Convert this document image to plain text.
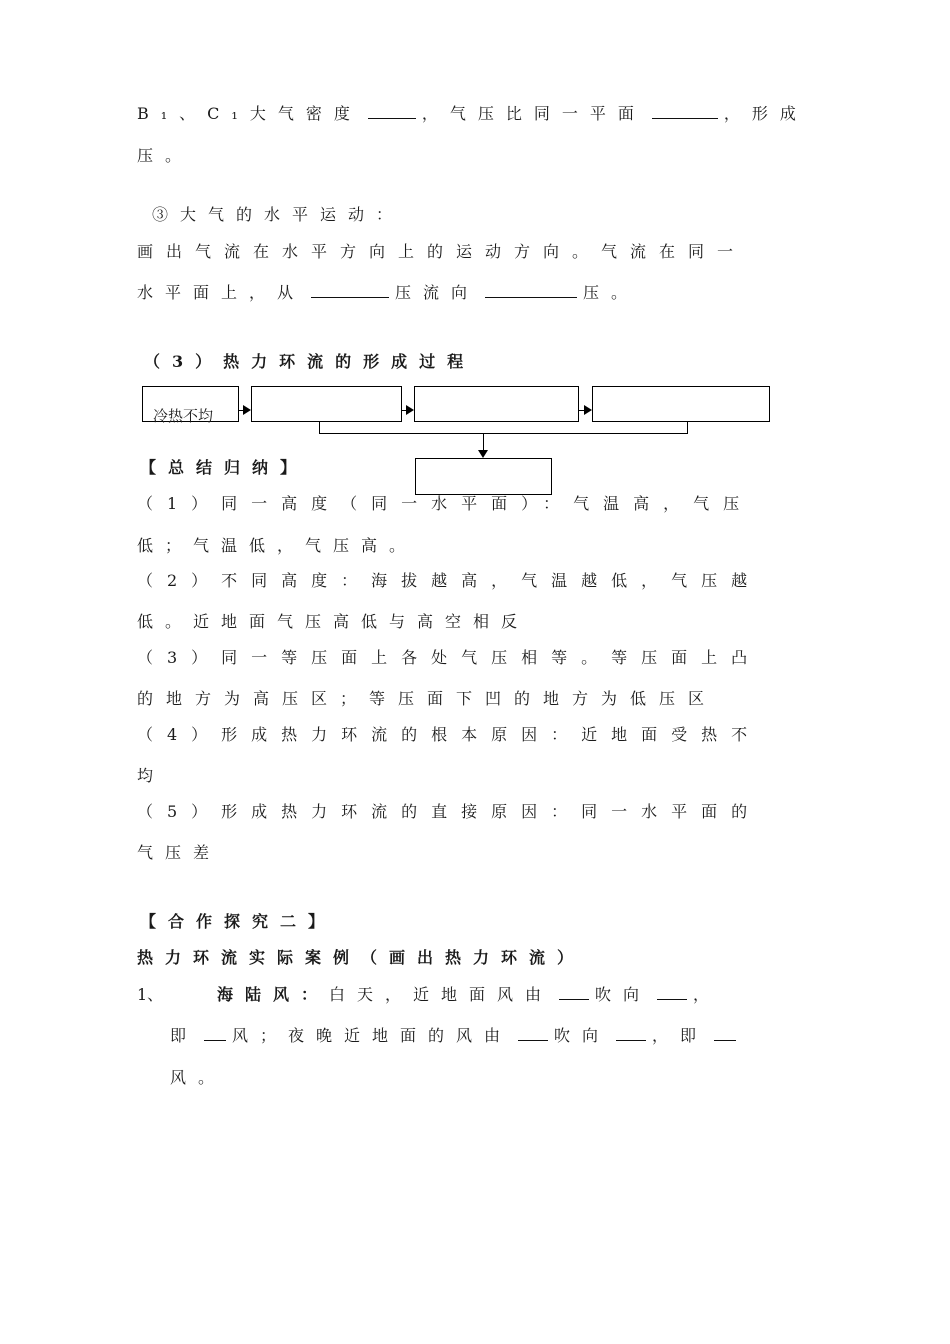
B₁、C₁大气密度	，气压比同一平面	，形成
压。
③大气的水平运动：
画出气流在水平方向上的运动方向。气流在同一
水平面上，从	压流向	压。
（3）热力环流的形成过程
冷热不均
【总结归纳】
（1）同一高度（同一水平面）：气温高，气压
低；气温低，气压高。
（2）不同高度：海拔越高，气温越低，气压越
低。近地面气压高低与高空相反
（3）同一等压面上各处气压相等。等压面上凸
的地方为高压区；等压面下凹的地方为低压区
（4）形成热力环流的根本原因：近地面受热不
均
（5）形成热力环流的直接原因：同一水平面的
气压差
【合作探究二】
热力环流实际案例（画出热力环流）
1、	海陆风：白天，近地面风由	吹向	，
即 风；夜晚近地面的风由	吹向	，即
风。
